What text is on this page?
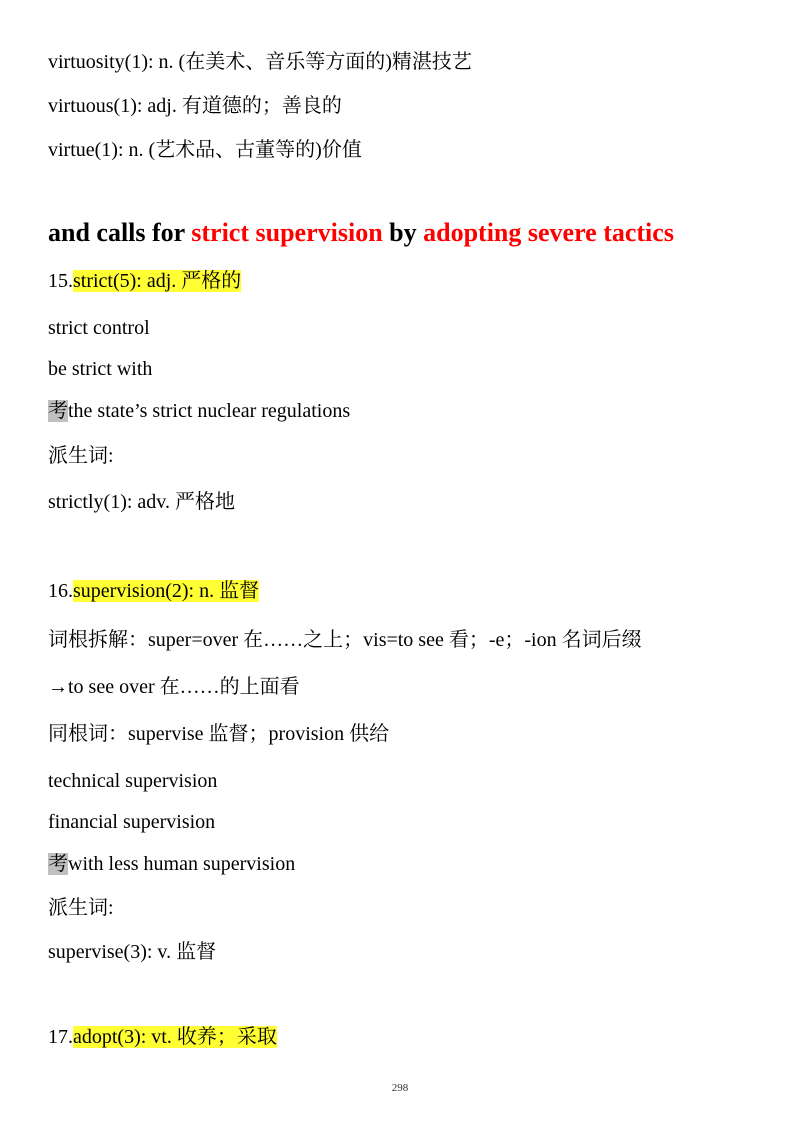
virtuosity(1): n. (在美术、音乐等方面的)精湛技艺
virtuous(1): adj. 有道德的；善良的
virtue(1): n. (艺术品、古董等的)价值
and calls for strict supervision by adopting severe tactics
15.strict(5): adj. 严格的
strict control
be strict with
考the state’s strict nuclear regulations
派生词:
strictly(1): adv. 严格地
16.supervision(2): n. 监督
词根拆解：super=over 在……之上；vis=to see 看；-e；-ion 名词后缀
→to see over 在……的上面看
同根词：supervise 监督；provision 供给
technical supervision
financial supervision
考with less human supervision
派生词:
supervise(3): v. 监督
17.adopt(3): vt. 收养；采取
298
